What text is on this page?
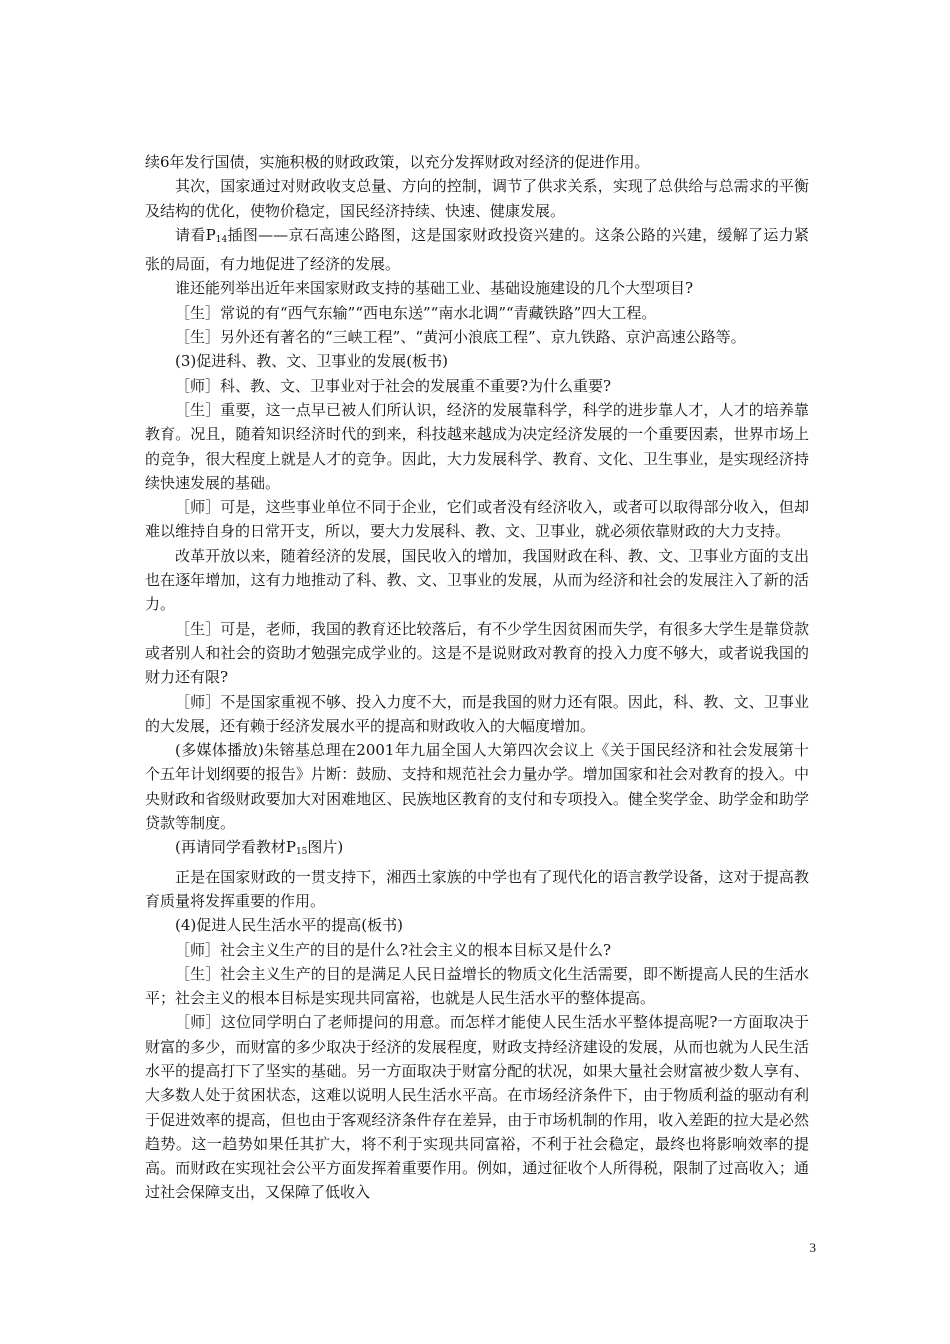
续6年发行国债，实施积极的财政政策，以充分发挥财政对经济的促进作用。

其次，国家通过对财政收支总量、方向的控制，调节了供求关系，实现了总供给与总需求的平衡及结构的优化，使物价稳定，国民经济持续、快速、健康发展。

请看$P_{14}$插图——京石高速公路图，这是国家财政投资兴建的。这条公路的兴建，缓解了运力紧张的局面，有力地促进了经济的发展。

谁还能列举出近年来国家财政支持的基础工业、基础设施建设的几个大型项目?

［生］常说的有“西气东输”“西电东送”“南水北调”“青藏铁路”四大工程。

［生］另外还有著名的“三峡工程”、“黄河小浪底工程”、京九铁路、京沪高速公路等。

(3)促进科、教、文、卫事业的发展(板书)

［师］科、教、文、卫事业对于社会的发展重不重要?为什么重要?

［生］重要，这一点早已被人们所认识，经济的发展靠科学，科学的进步靠人才，人才的培养靠教育。况且，随着知识经济时代的到来，科技越来越成为决定经济发展的一个重要因素，世界市场上的竞争，很大程度上就是人才的竞争。因此，大力发展科学、教育、文化、卫生事业，是实现经济持续快速发展的基础。

［师］可是，这些事业单位不同于企业，它们或者没有经济收入，或者可以取得部分收入，但却难以维持自身的日常开支，所以，要大力发展科、教、文、卫事业，就必须依靠财政的大力支持。

改革开放以来，随着经济的发展，国民收入的增加，我国财政在科、教、文、卫事业方面的支出也在逐年增加，这有力地推动了科、教、文、卫事业的发展，从而为经济和社会的发展注入了新的活力。

［生］可是，老师，我国的教育还比较落后，有不少学生因贫困而失学，有很多大学生是靠贷款或者别人和社会的资助才勉强完成学业的。这是不是说财政对教育的投入力度不够大，或者说我国的财力还有限?

［师］不是国家重视不够、投入力度不大，而是我国的财力还有限。因此，科、教、文、卫事业的大发展，还有赖于经济发展水平的提高和财政收入的大幅度增加。

(多媒体播放)朱镕基总理在2001年九届全国人大第四次会议上《关于国民经济和社会发展第十个五年计划纲要的报告》片断：鼓励、支持和规范社会力量办学。增加国家和社会对教育的投入。中央财政和省级财政要加大对困难地区、民族地区教育的支付和专项投入。健全奖学金、助学金和助学贷款等制度。

(再请同学看教材$P_{15}$图片)

正是在国家财政的一贯支持下，湘西土家族的中学也有了现代化的语言教学设备，这对于提高教育质量将发挥重要的作用。

(4)促进人民生活水平的提高(板书)

［师］社会主义生产的目的是什么?社会主义的根本目标又是什么?

［生］社会主义生产的目的是满足人民日益增长的物质文化生活需要，即不断提高人民的生活水平；社会主义的根本目标是实现共同富裕，也就是人民生活水平的整体提高。

［师］这位同学明白了老师提问的用意。而怎样才能使人民生活水平整体提高呢?一方面取决于财富的多少，而财富的多少取决于经济的发展程度，财政支持经济建设的发展，从而也就为人民生活水平的提高打下了坚实的基础。另一方面取决于财富分配的状况，如果大量社会财富被少数人享有、大多数人处于贫困状态，这难以说明人民生活水平高。在市场经济条件下，由于物质利益的驱动有利于促进效率的提高，但也由于客观经济条件存在差异，由于市场机制的作用，收入差距的拉大是必然趋势。这一趋势如果任其扩大，将不利于实现共同富裕，不利于社会稳定，最终也将影响效率的提高。而财政在实现社会公平方面发挥着重要作用。例如，通过征收个人所得税，限制了过高收入；通过社会保障支出，又保障了低收入

3
